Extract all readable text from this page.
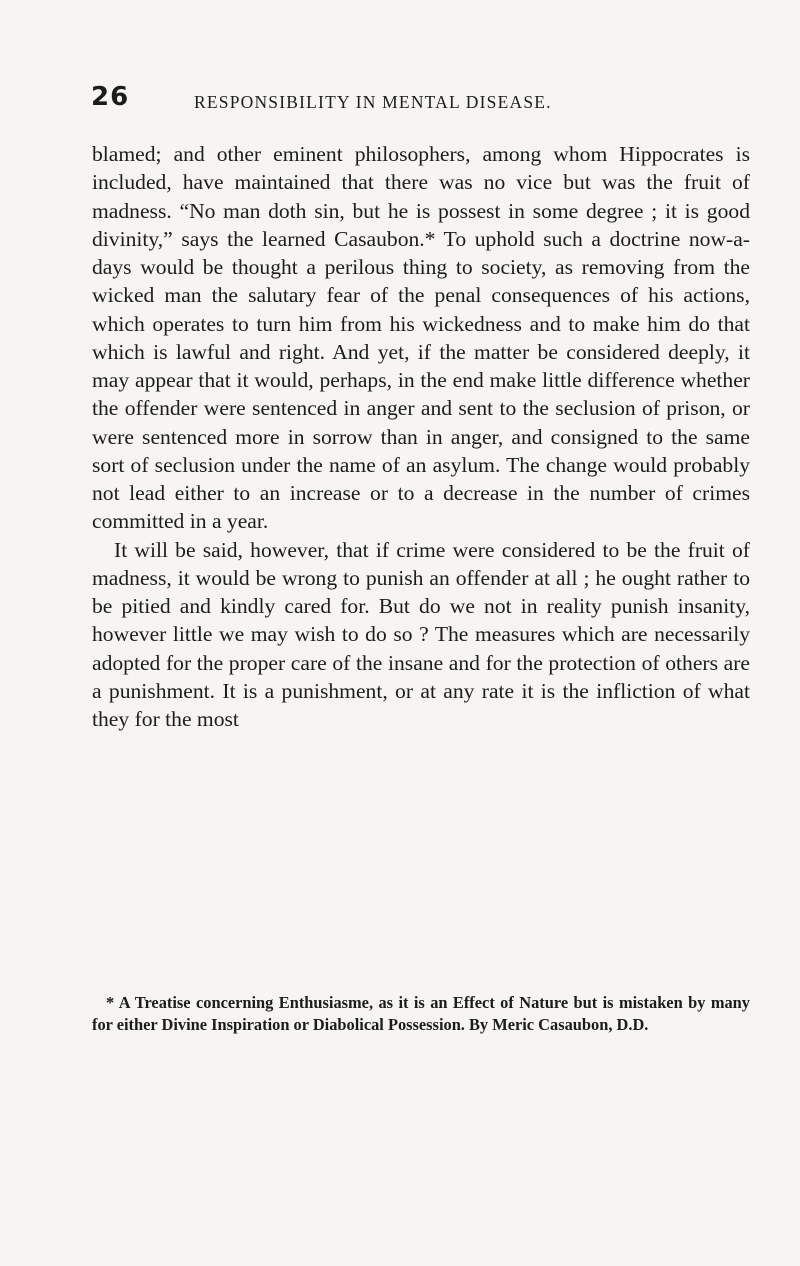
26	RESPONSIBILITY IN MENTAL DISEASE.

blamed; and other eminent philosophers, among whom Hippocrates is included, have maintained that there was no vice but was the fruit of madness. “No man doth sin, but he is possest in some degree ; it is good divinity,” says the learned Casaubon.* To uphold such a doctrine now-a-days would be thought a perilous thing to society, as removing from the wicked man the salutary fear of the penal consequences of his actions, which operates to turn him from his wickedness and to make him do that which is lawful and right. And yet, if the matter be considered deeply, it may appear that it would, perhaps, in the end make little difference whether the offender were sentenced in anger and sent to the seclusion of prison, or were sentenced more in sorrow than in anger, and consigned to the same sort of seclusion under the name of an asylum. The change would probably not lead either to an increase or to a decrease in the number of crimes committed in a year.

It will be said, however, that if crime were considered to be the fruit of madness, it would be wrong to punish an offender at all ; he ought rather to be pitied and kindly cared for. But do we not in reality punish insanity, however little we may wish to do so ? The measures which are necessarily adopted for the proper care of the insane and for the protection of others are a punishment. It is a punishment, or at any rate it is the infliction of what they for the most

* A Treatise concerning Enthusiasme, as it is an Effect of Nature but is mistaken by many for either Divine Inspiration or Diabolical Possession. By Meric Casaubon, D.D.
